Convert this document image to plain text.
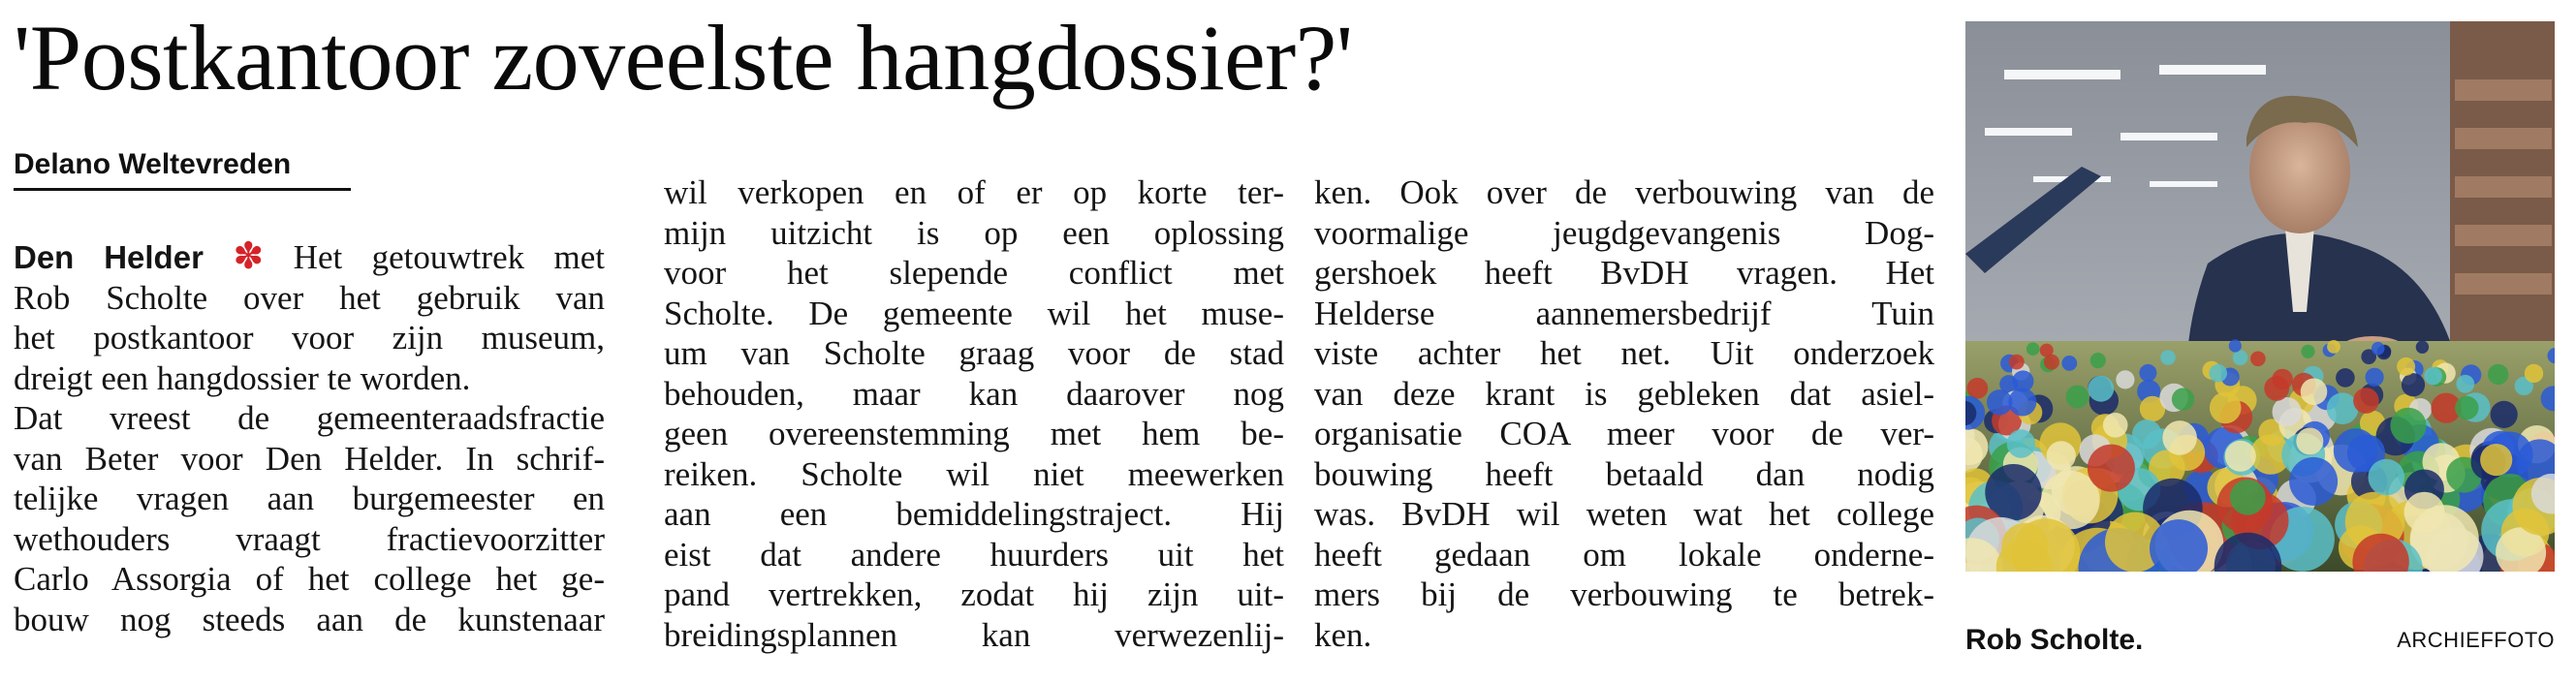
'Postkantoor zoveelste hangdossier?'
Delano Weltevreden
Den Helder ✽ Het getouwtrek met
Rob Scholte over het gebruik van
het postkantoor voor zijn museum,
dreigt een hangdossier te worden.
Dat vreest de gemeenteraadsfractie
van Beter voor Den Helder. In schrif-
telijke vragen aan burgemeester en
wethouders vraagt fractievoorzitter
Carlo Assorgia of het college het ge-
bouw nog steeds aan de kunstenaar
wil verkopen en of er op korte ter-
mijn uitzicht is op een oplossing
voor het slepende conflict met
Scholte. De gemeente wil het muse-
um van Scholte graag voor de stad
behouden, maar kan daarover nog
geen overeenstemming met hem be-
reiken. Scholte wil niet meewerken
aan een bemiddelingstraject. Hij
eist dat andere huurders uit het
pand vertrekken, zodat hij zijn uit-
breidingsplannen kan verwezenlij-
ken. Ook over de verbouwing van de
voormalige jeugdgevangenis Dog-
gershoek heeft BvDH vragen. Het
Helderse aannemersbedrijf Tuin
viste achter het net. Uit onderzoek
van deze krant is gebleken dat asiel-
organisatie COA meer voor de ver-
bouwing heeft betaald dan nodig
was. BvDH wil weten wat het college
heeft gedaan om lokale onderne-
mers bij de verbouwing te betrek-
ken.	Rob Scholte.	ARCHIEFFOTO
